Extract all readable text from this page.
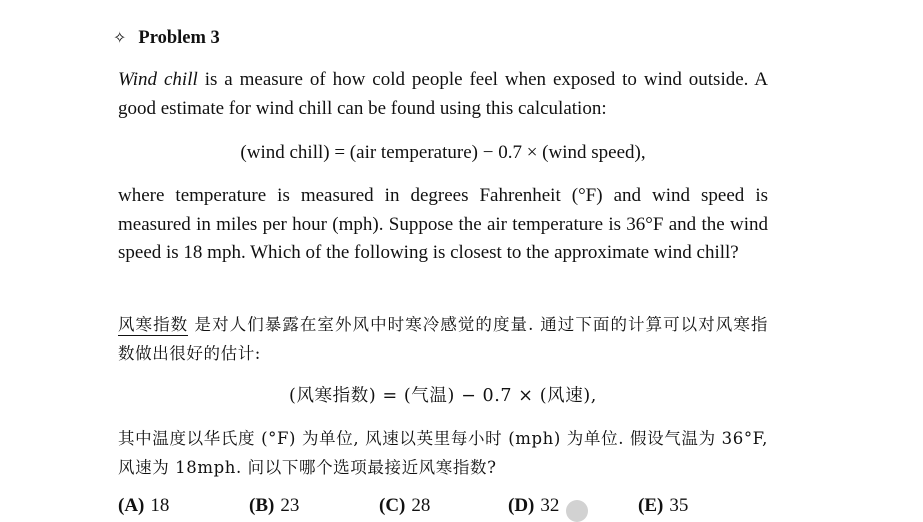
✧ Problem 3

Wind chill is a measure of how cold people feel when exposed to wind outside. A good estimate for wind chill can be found using this calculation:

(wind chill) = (air temperature) − 0.7 × (wind speed),

where temperature is measured in degrees Fahrenheit (°F) and wind speed is measured in miles per hour (mph). Suppose the air temperature is 36°F and the wind speed is 18 mph. Which of the following is closest to the approximate wind chill?

风寒指数 是对人们暴露在室外风中时寒冷感觉的度量. 通过下面的计算可以对风寒指数做出很好的估计:

(风寒指数) = (气温) − 0.7 × (风速),

其中温度以华氏度 (°F) 为单位, 风速以英里每小时 (mph) 为单位. 假设气温为 36°F, 风速为 18mph. 问以下哪个选项最接近风寒指数?

(A) 18	(B) 23	(C) 28	(D) 32	(E) 35
